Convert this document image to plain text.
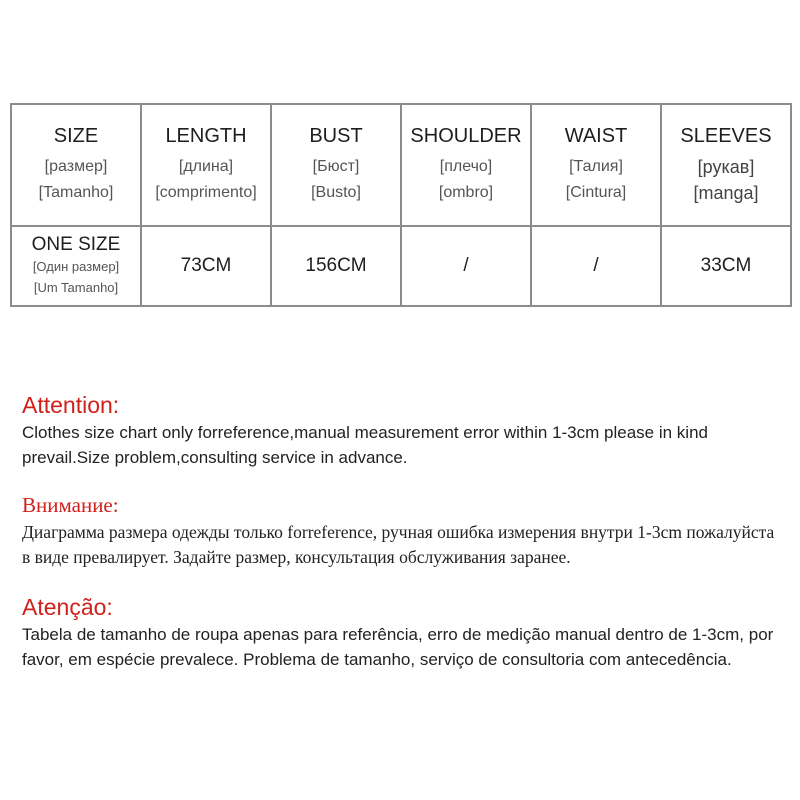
SIZE
[размер]
[Tamanho]	LENGTH
[длина]
[comprimento]	BUST
[Бюст]
[Busto]	SHOULDER
[плечо]
[ombro]	WAIST
[Талия]
[Cintura]	SLEEVES
[рукав]
[manga]

ONE SIZE
[Один размер]
[Um Tamanho]	73CM	156CM	/	/	33CM
Attention:
Clothes size chart only forreference,manual measurement error within 1-3cm please in kind prevail.Size problem,consulting service in advance.
Внимание:
Диаграмма размера одежды только forreference, ручная ошибка измерения внутри 1-3cm пожалуйста в виде превалирует. Задайте размер, консультация обслуживания заранее.
Atenção:
Tabela de tamanho de roupa apenas para referência, erro de medição manual dentro de 1-3cm, por favor, em espécie prevalece. Problema de tamanho, serviço de consultoria com antecedência.
